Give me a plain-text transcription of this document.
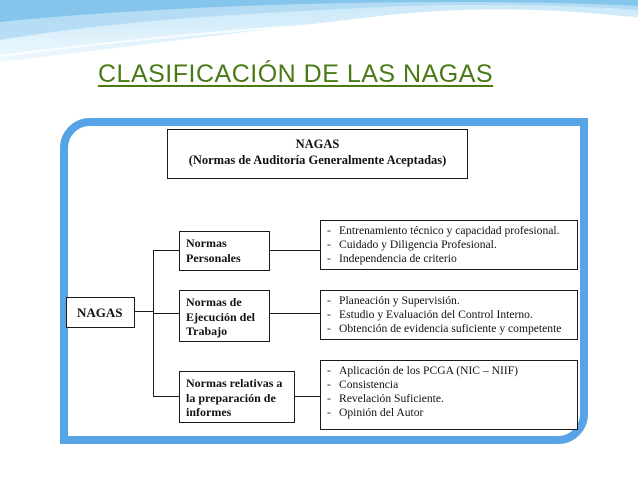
CLASIFICACIÓN DE LAS NAGAS
NAGAS
(Normas de Auditoría Generalmente Aceptadas)
NAGAS
Normas
Personales
- Entrenamiento técnico y capacidad profesional.
- Cuidado y Diligencia Profesional.
- Independencia de criterio
Normas de
Ejecución del
Trabajo
- Planeación y Supervisión.
- Estudio y Evaluación del Control Interno.
- Obtención de evidencia suficiente y competente
Normas relativas a
la preparación de
informes
- Aplicación de los PCGA (NIC – NIIF)
- Consistencia
- Revelación Suficiente.
- Opinión del Autor
